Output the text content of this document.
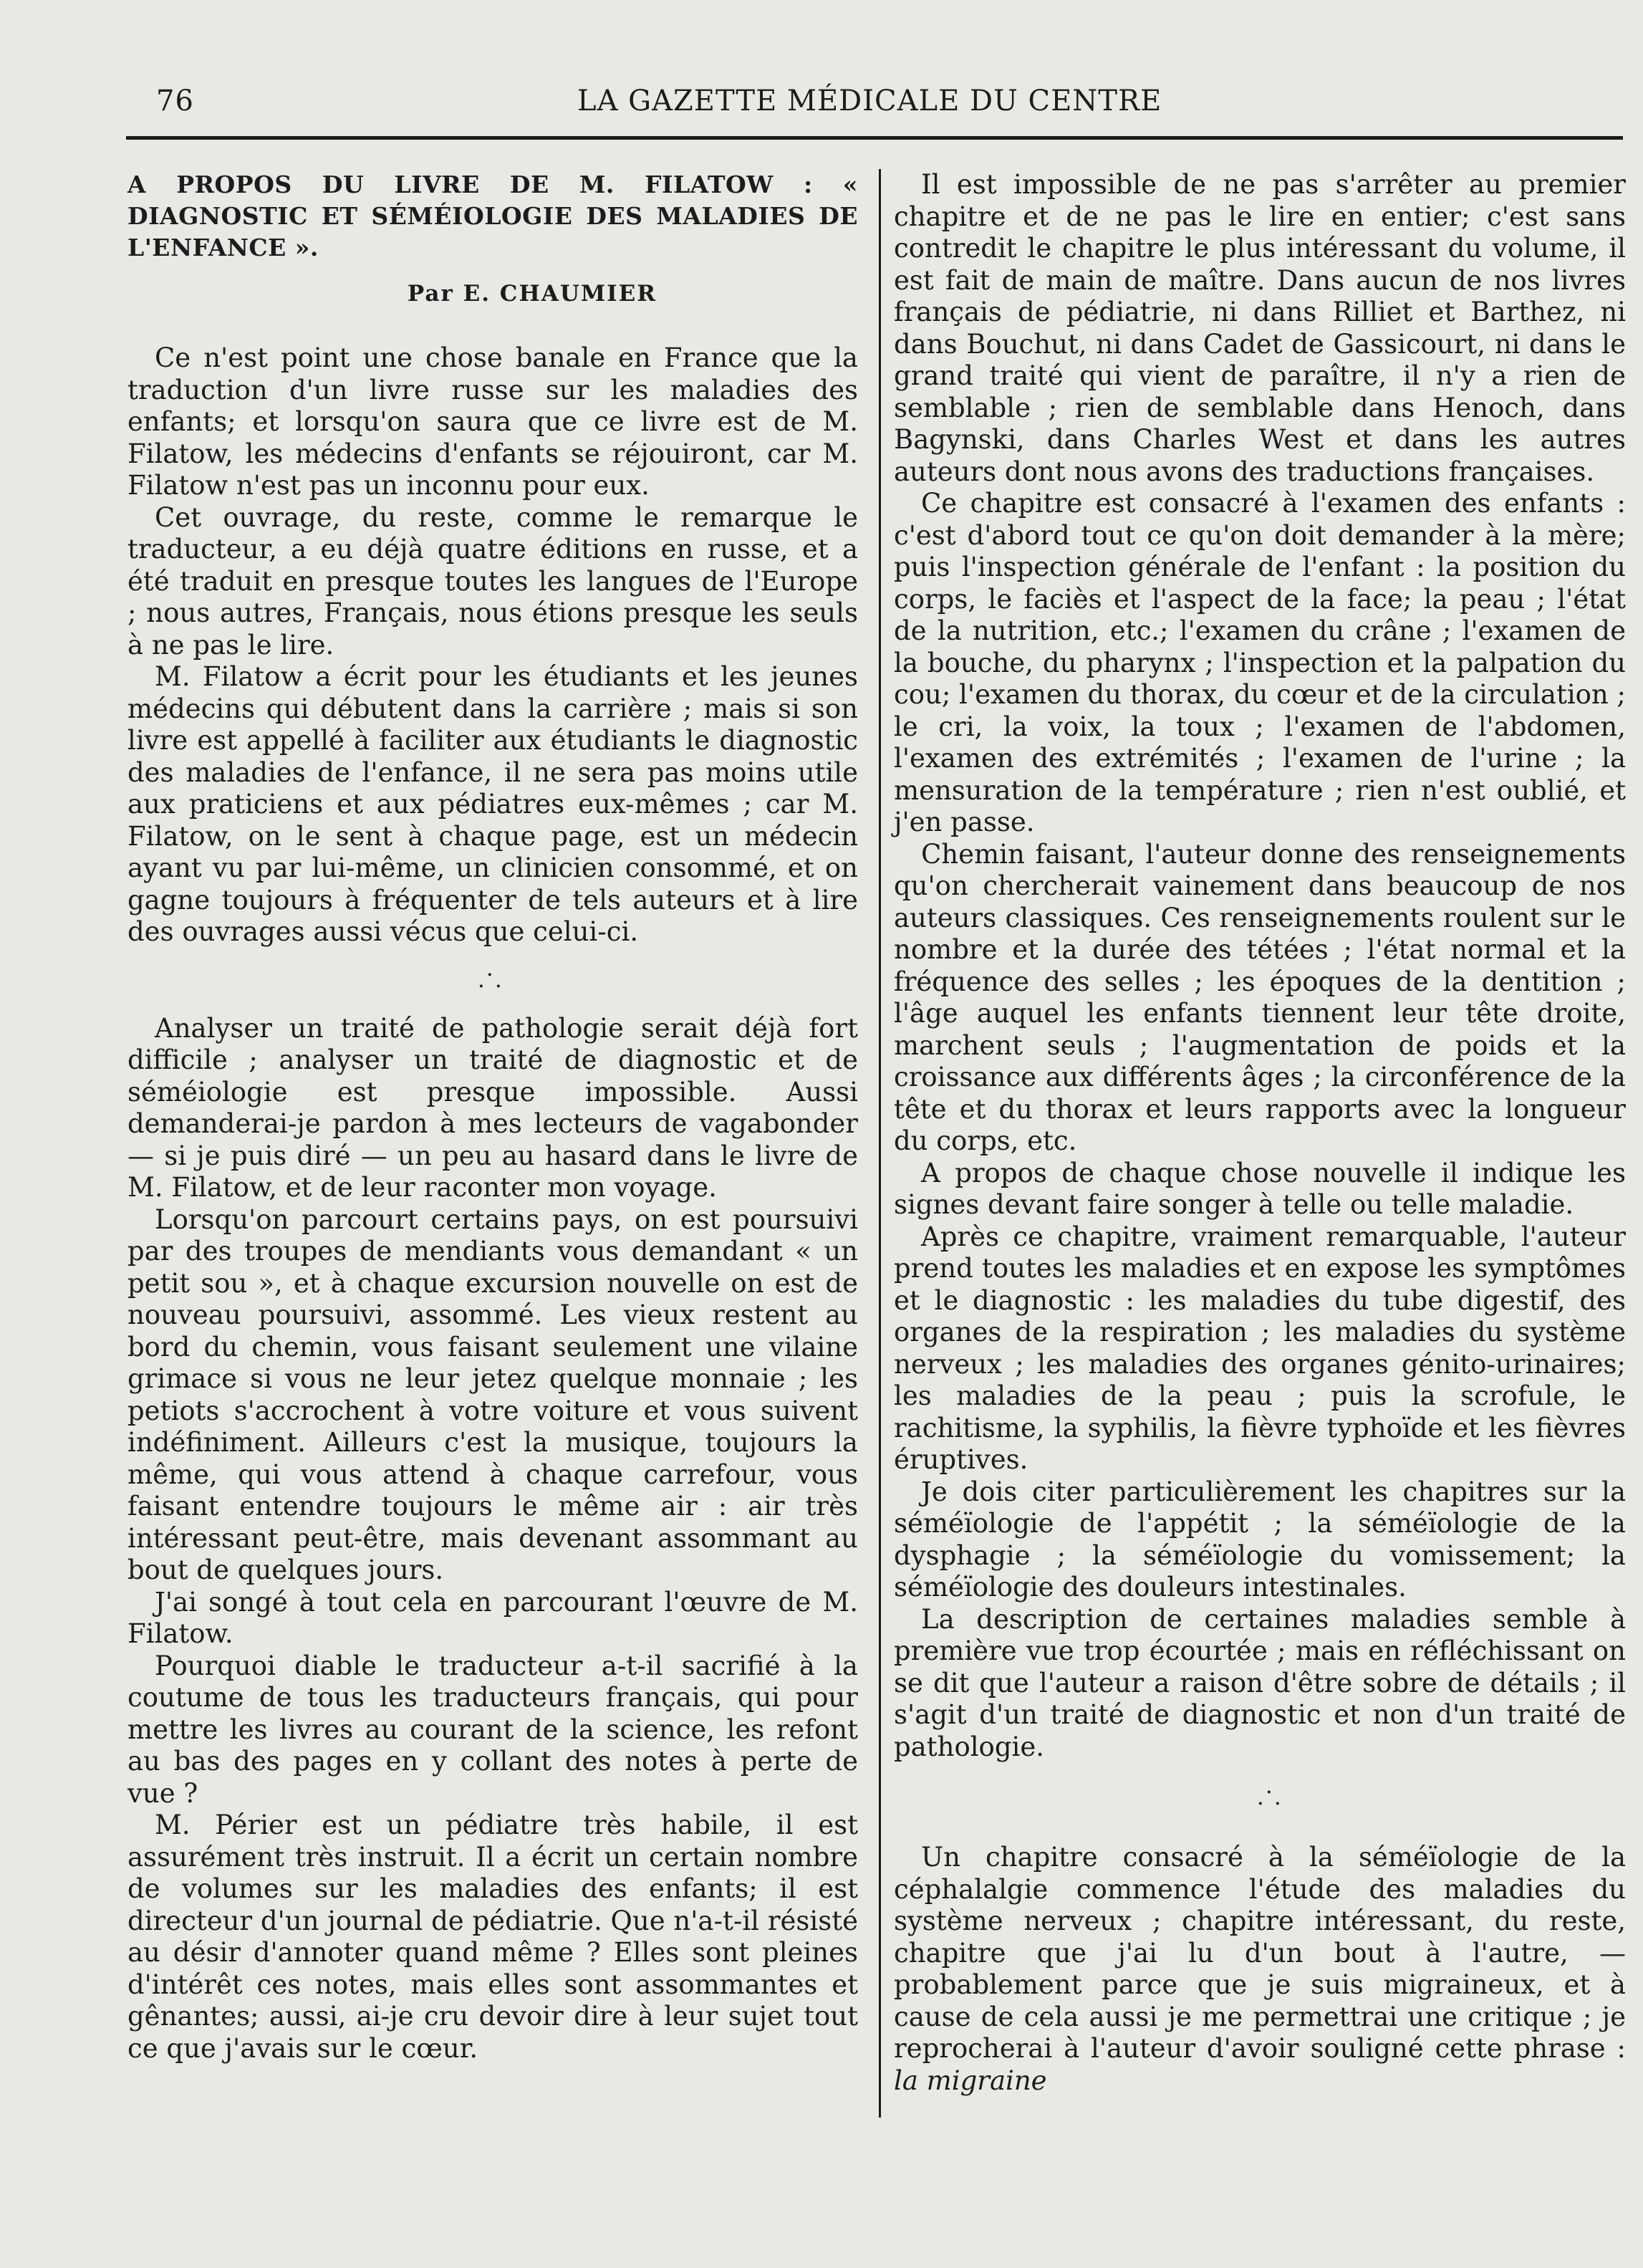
76	LA GAZETTE MÉDICALE DU CENTRE

A PROPOS DU LIVRE DE M. FILATOW : « DIAGNOSTIC ET SÉMÉIOLOGIE DES MALADIES DE L'ENFANCE ».

Par E. CHAUMIER

Ce n'est point une chose banale en France que la traduction d'un livre russe sur les maladies des enfants; et lorsqu'on saura que ce livre est de M. Filatow, les médecins d'enfants se réjouiront, car M. Filatow n'est pas un inconnu pour eux.

Cet ouvrage, du reste, comme le remarque le traducteur, a eu déjà quatre éditions en russe, et a été traduit en presque toutes les langues de l'Europe ; nous autres, Français, nous étions presque les seuls à ne pas le lire.

M. Filatow a écrit pour les étudiants et les jeunes médecins qui débutent dans la carrière ; mais si son livre est appellé à faciliter aux étudiants le diagnostic des maladies de l'enfance, il ne sera pas moins utile aux praticiens et aux pédiatres eux-mêmes ; car M. Filatow, on le sent à chaque page, est un médecin ayant vu par lui-même, un clinicien consommé, et on gagne toujours à fréquenter de tels auteurs et à lire des ouvrages aussi vécus que celui-ci.

·
· ·

Analyser un traité de pathologie serait déjà fort difficile ; analyser un traité de diagnostic et de séméiologie est presque impossible. Aussi demanderai-je pardon à mes lecteurs de vagabonder — si je puis diré — un peu au hasard dans le livre de M. Filatow, et de leur raconter mon voyage.

Lorsqu'on parcourt certains pays, on est poursuivi par des troupes de mendiants vous demandant « un petit sou », et à chaque excursion nouvelle on est de nouveau poursuivi, assommé. Les vieux restent au bord du chemin, vous faisant seulement une vilaine grimace si vous ne leur jetez quelque monnaie ; les petiots s'accrochent à votre voiture et vous suivent indéfiniment. Ailleurs c'est la musique, toujours la même, qui vous attend à chaque carrefour, vous faisant entendre toujours le même air : air très intéressant peut-être, mais devenant assommant au bout de quelques jours.

J'ai songé à tout cela en parcourant l'œuvre de M. Filatow.

Pourquoi diable le traducteur a-t-il sacrifié à la coutume de tous les traducteurs français, qui pour mettre les livres au courant de la science, les refont au bas des pages en y collant des notes à perte de vue ?

M. Périer est un pédiatre très habile, il est assurément très instruit. Il a écrit un certain nombre de volumes sur les maladies des enfants; il est directeur d'un journal de pédiatrie. Que n'a-t-il résisté au désir d'annoter quand même ? Elles sont pleines d'intérêt ces notes, mais elles sont assommantes et gênantes; aussi, ai-je cru devoir dire à leur sujet tout ce que j'avais sur le cœur.

Il est impossible de ne pas s'arrêter au premier chapitre et de ne pas le lire en entier; c'est sans contredit le chapitre le plus intéressant du volume, il est fait de main de maître. Dans aucun de nos livres français de pédiatrie, ni dans Rilliet et Barthez, ni dans Bouchut, ni dans Cadet de Gassicourt, ni dans le grand traité qui vient de paraître, il n'y a rien de semblable ; rien de semblable dans Henoch, dans Bagynski, dans Charles West et dans les autres auteurs dont nous avons des traductions françaises.

Ce chapitre est consacré à l'examen des enfants : c'est d'abord tout ce qu'on doit demander à la mère; puis l'inspection générale de l'enfant : la position du corps, le faciès et l'aspect de la face; la peau ; l'état de la nutrition, etc.; l'examen du crâne ; l'examen de la bouche, du pharynx ; l'inspection et la palpation du cou; l'examen du thorax, du cœur et de la circulation ; le cri, la voix, la toux ; l'examen de l'abdomen, l'examen des extrémités ; l'examen de l'urine ; la mensuration de la température ; rien n'est oublié, et j'en passe.

Chemin faisant, l'auteur donne des renseignements qu'on chercherait vainement dans beaucoup de nos auteurs classiques. Ces renseignements roulent sur le nombre et la durée des tétées ; l'état normal et la fréquence des selles ; les époques de la dentition ; l'âge auquel les enfants tiennent leur tête droite, marchent seuls ; l'augmentation de poids et la croissance aux différents âges ; la circonférence de la tête et du thorax et leurs rapports avec la longueur du corps, etc.

A propos de chaque chose nouvelle il indique les signes devant faire songer à telle ou telle maladie.

Après ce chapitre, vraiment remarquable, l'auteur prend toutes les maladies et en expose les symptômes et le diagnostic : les maladies du tube digestif, des organes de la respiration ; les maladies du système nerveux ; les maladies des organes génito-urinaires; les maladies de la peau ; puis la scrofule, le rachitisme, la syphilis, la fièvre typhoïde et les fièvres éruptives.

Je dois citer particulièrement les chapitres sur la séméïologie de l'appétit ; la séméïologie de la dysphagie ; la séméïologie du vomissement; la séméïologie des douleurs intestinales.

La description de certaines maladies semble à première vue trop écourtée ; mais en réfléchissant on se dit que l'auteur a raison d'être sobre de détails ; il s'agit d'un traité de diagnostic et non d'un traité de pathologie.

·
· ·

Un chapitre consacré à la séméïologie de la céphalalgie commence l'étude des maladies du système nerveux ; chapitre intéressant, du reste, chapitre que j'ai lu d'un bout à l'autre, — probablement parce que je suis migraineux, et à cause de cela aussi je me permettrai une critique ; je reprocherai à l'auteur d'avoir souligné cette phrase : la migraine
